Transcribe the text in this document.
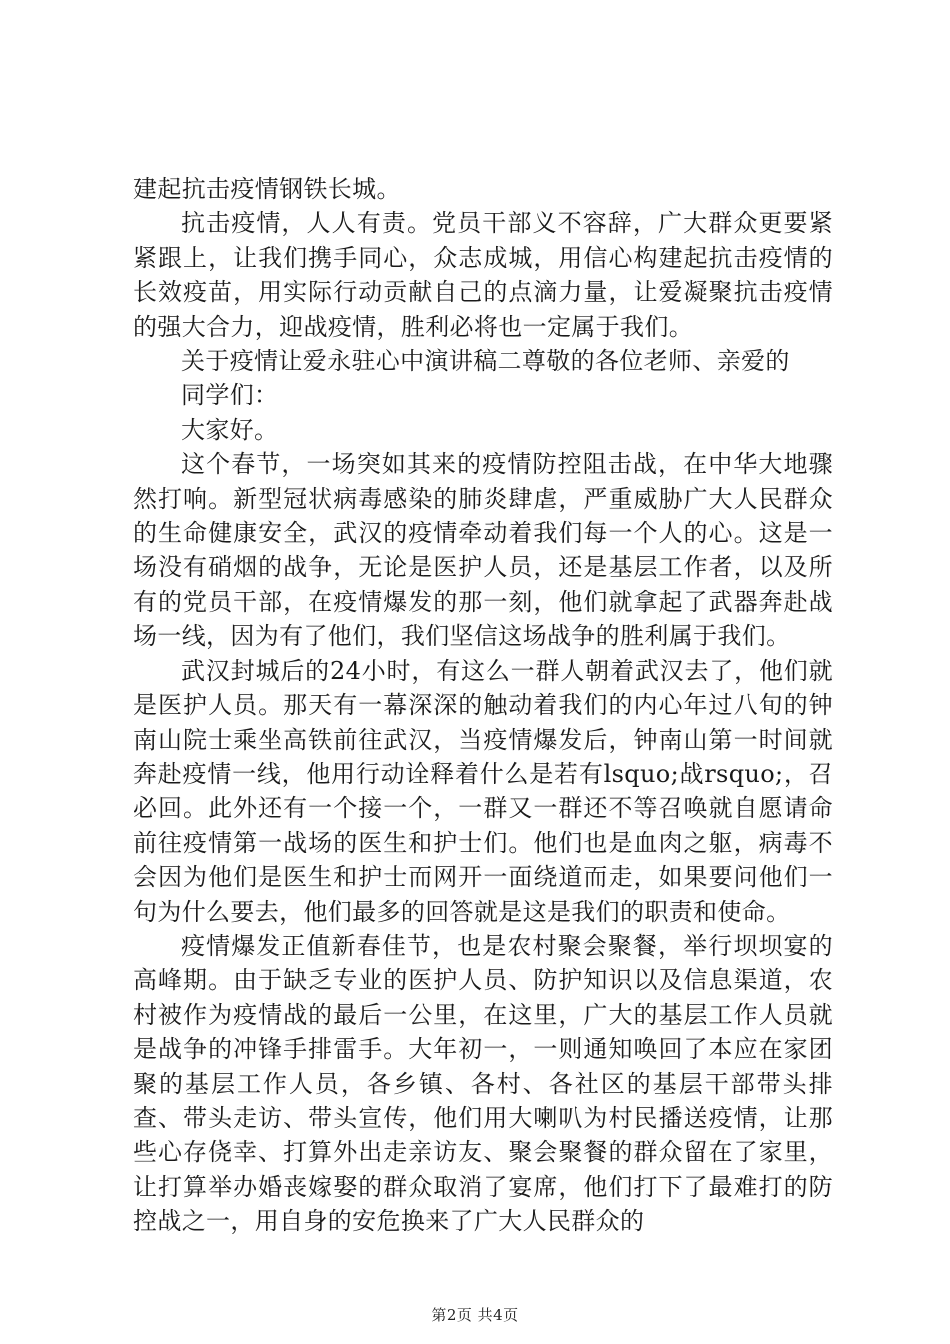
建起抗击疫情钢铁长城。

抗击疫情，人人有责。党员干部义不容辞，广大群众更要紧紧跟上，让我们携手同心，众志成城，用信心构建起抗击疫情的长效疫苗，用实际行动贡献自己的点滴力量，让爱凝聚抗击疫情的强大合力，迎战疫情，胜利必将也一定属于我们。

关于疫情让爱永驻心中演讲稿二尊敬的各位老师、亲爱的

同学们：

大家好。

这个春节，一场突如其来的疫情防控阻击战，在中华大地骤然打响。新型冠状病毒感染的肺炎肆虐，严重威胁广大人民群众的生命健康安全，武汉的疫情牵动着我们每一个人的心。这是一场没有硝烟的战争，无论是医护人员，还是基层工作者，以及所有的党员干部，在疫情爆发的那一刻，他们就拿起了武器奔赴战场一线，因为有了他们，我们坚信这场战争的胜利属于我们。

武汉封城后的24小时，有这么一群人朝着武汉去了，他们就是医护人员。那天有一幕深深的触动着我们的内心年过八旬的钟南山院士乘坐高铁前往武汉，当疫情爆发后，钟南山第一时间就奔赴疫情一线，他用行动诠释着什么是若有lsquo;战rsquo;，召必回。此外还有一个接一个，一群又一群还不等召唤就自愿请命前往疫情第一战场的医生和护士们。他们也是血肉之躯，病毒不会因为他们是医生和护士而网开一面绕道而走，如果要问他们一句为什么要去，他们最多的回答就是这是我们的职责和使命。

疫情爆发正值新春佳节，也是农村聚会聚餐，举行坝坝宴的高峰期。由于缺乏专业的医护人员、防护知识以及信息渠道，农村被作为疫情战的最后一公里，在这里，广大的基层工作人员就是战争的冲锋手排雷手。大年初一，一则通知唤回了本应在家团聚的基层工作人员，各乡镇、各村、各社区的基层干部带头排查、带头走访、带头宣传，他们用大喇叭为村民播送疫情，让那些心存侥幸、打算外出走亲访友、聚会聚餐的群众留在了家里，让打算举办婚丧嫁娶的群众取消了宴席，他们打下了最难打的防控战之一，用自身的安危换来了广大人民群众的

第2页 共4页
